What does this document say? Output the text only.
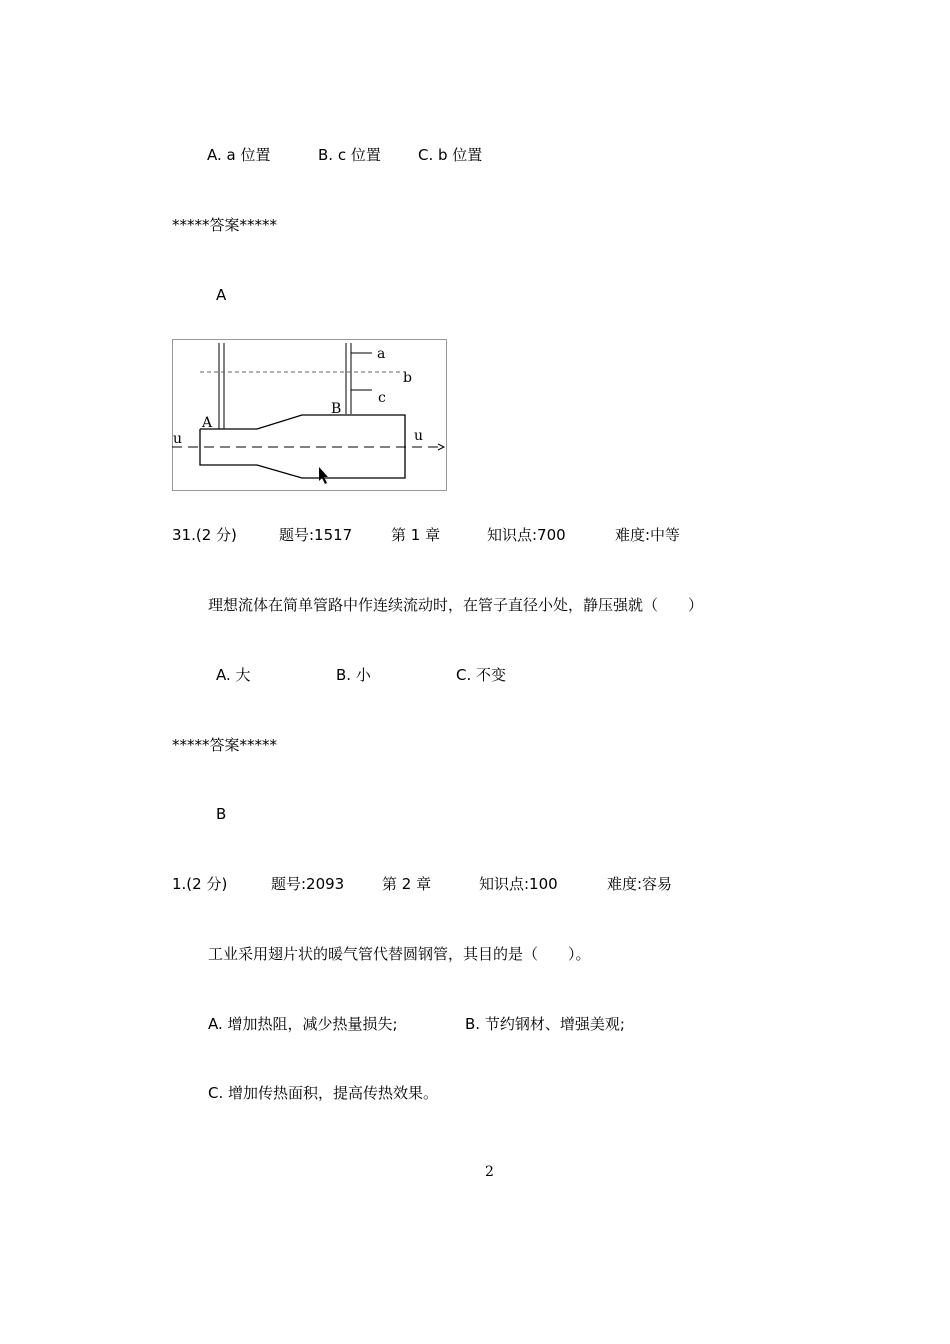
A. a 位置	B. c 位置 C. b 位置
*****答案*****
A
a
b
c
A
B
u	u
31.(2 分)	题号:1517	第 1 章	知识点:700	难度:中等
理想流体在简单管路中作连续流动时，在管子直径小处，静压强就（　　）
A. 大	B. 小	C. 不变
*****答案*****
B
1.(2 分)	题号:2093	第 2 章	知识点:100	难度:容易
工业采用翅片状的暖气管代替圆钢管，其目的是（　　）。
A. 增加热阻，减少热量损失;	B. 节约钢材、增强美观;
C. 增加传热面积，提高传热效果。
2
